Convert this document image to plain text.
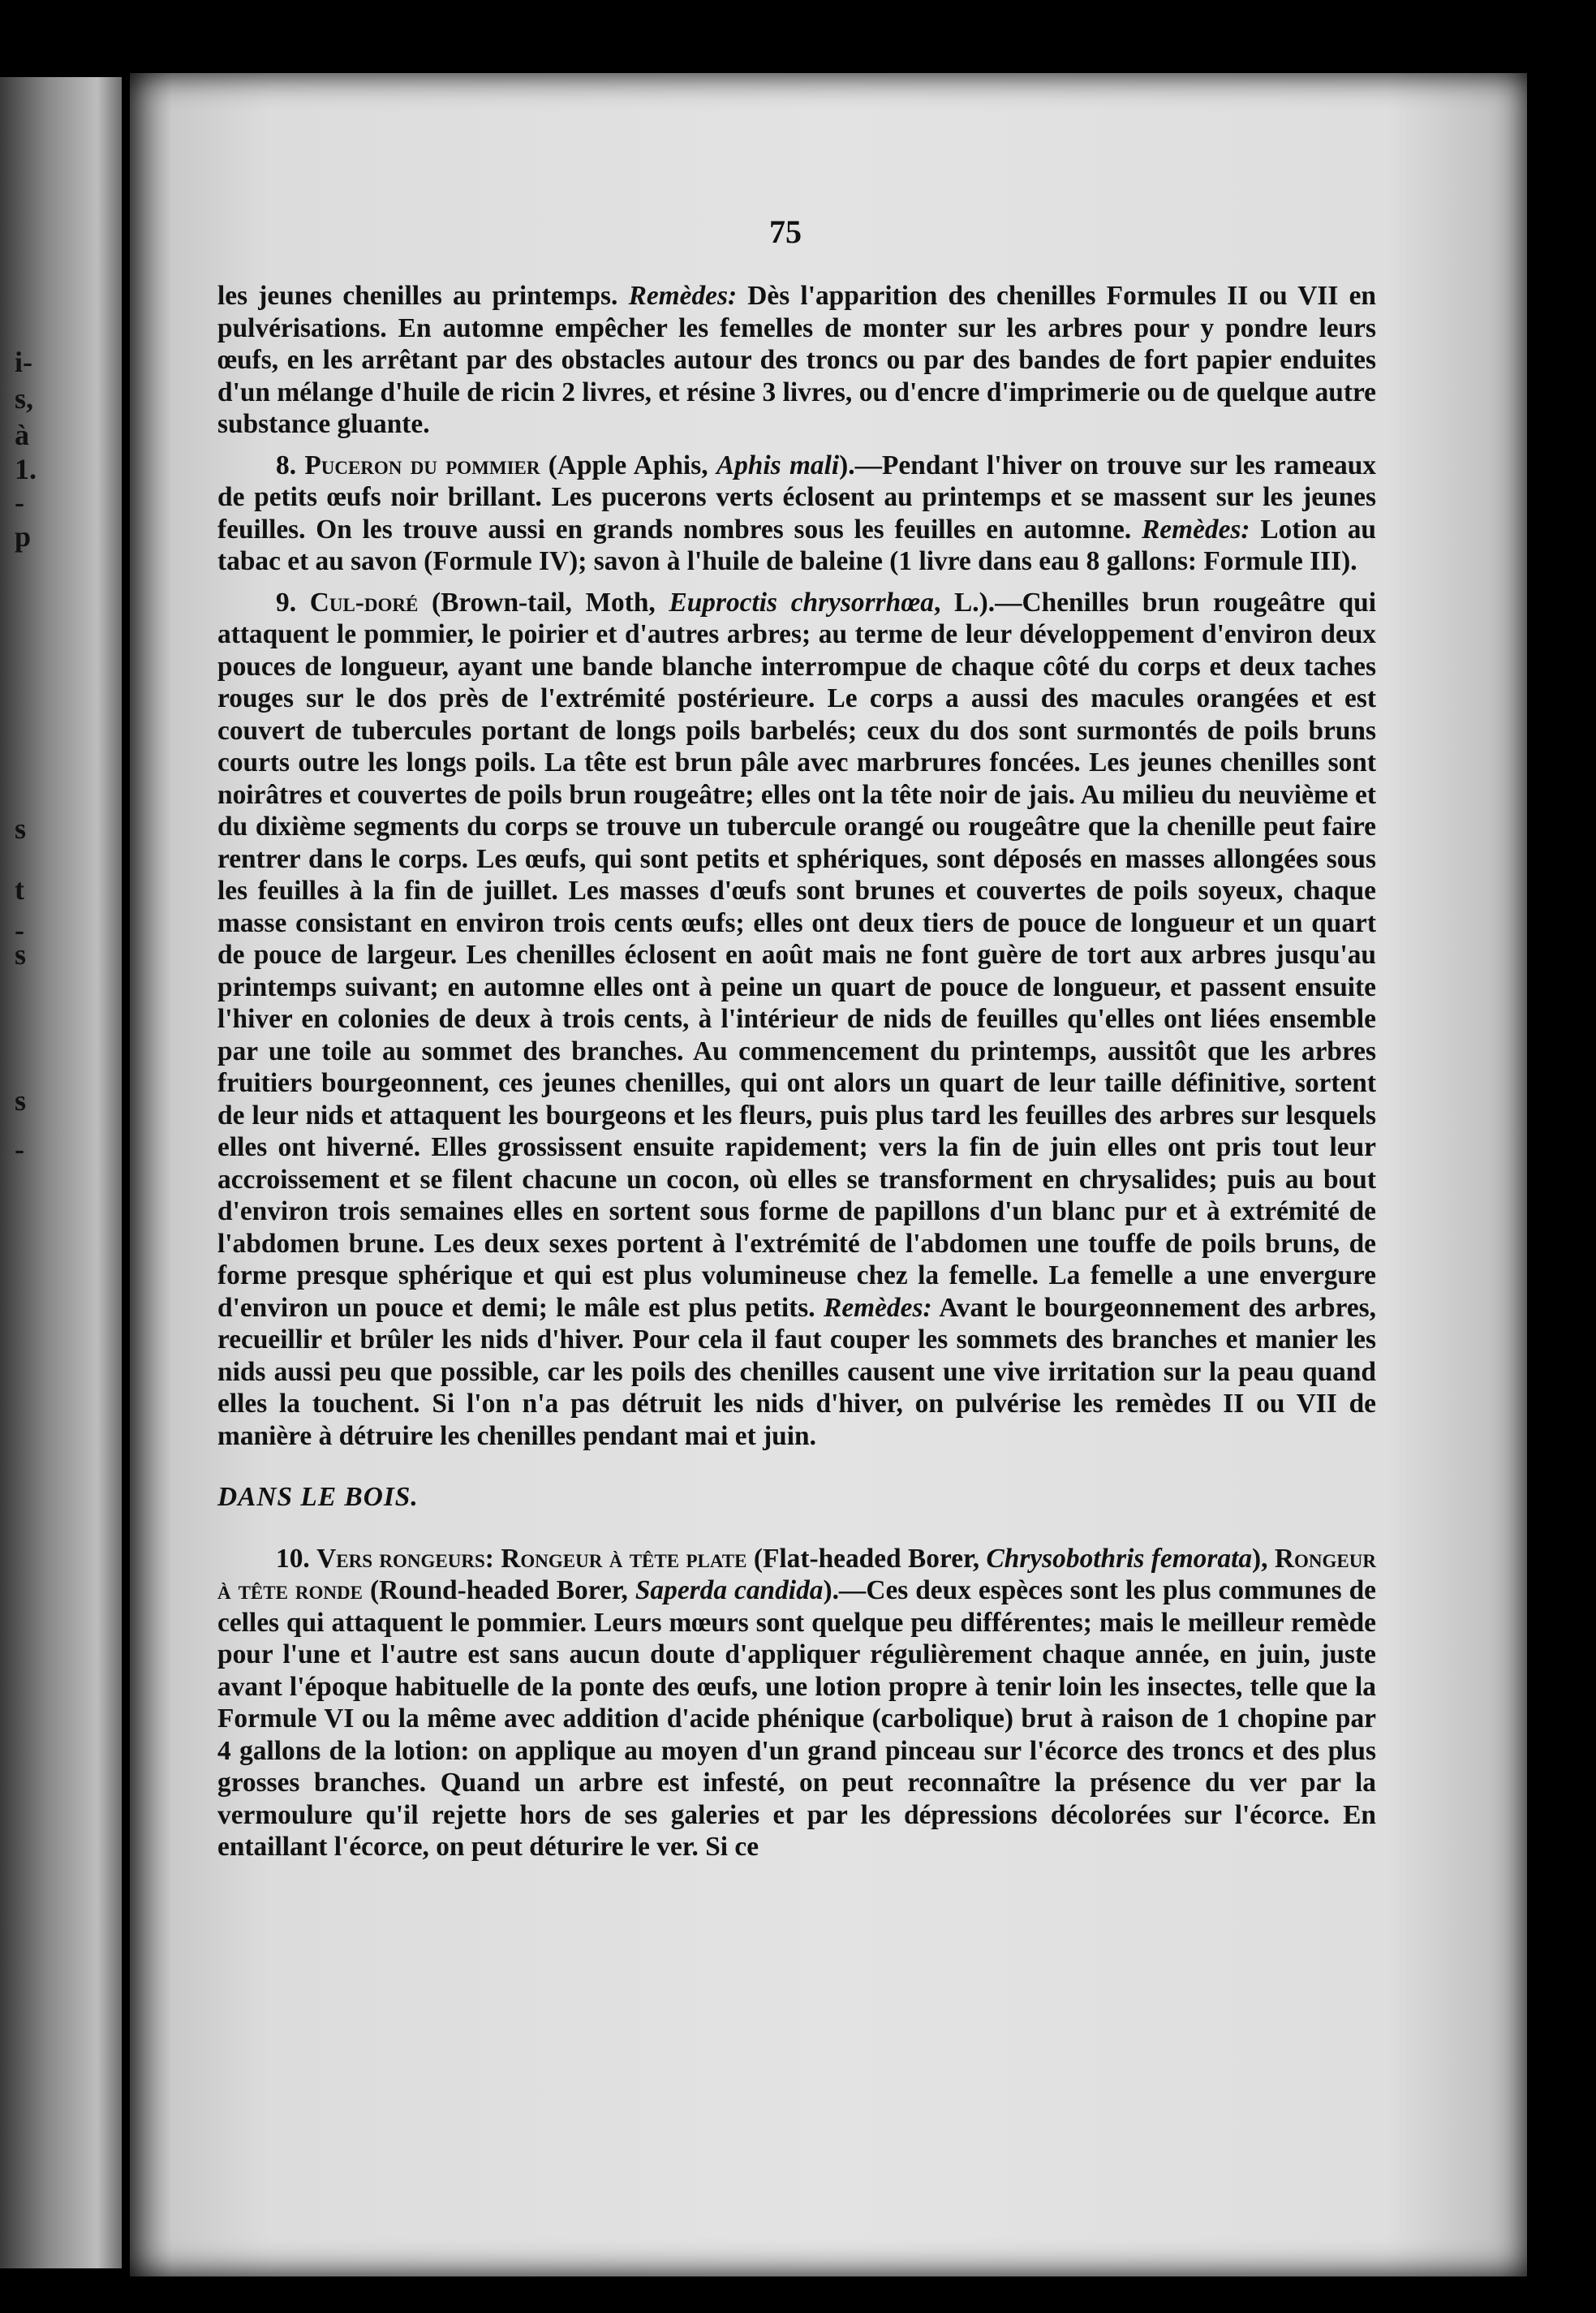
i-
s,
à
1.
-
p
s
t
-
s
s
-
75

les jeunes chenilles au printemps. Remèdes: Dès l'apparition des chenilles Formules II ou VII en pulvérisations. En automne empêcher les femelles de monter sur les arbres pour y pondre leurs œufs, en les arrêtant par des obstacles autour des troncs ou par des bandes de fort papier enduites d'un mélange d'huile de ricin 2 livres, et résine 3 livres, ou d'encre d'imprimerie ou de quelque autre substance gluante.

8. Puceron du pommier (Apple Aphis, Aphis mali).—Pendant l'hiver on trouve sur les rameaux de petits œufs noir brillant. Les pucerons verts éclosent au printemps et se massent sur les jeunes feuilles. On les trouve aussi en grands nombres sous les feuilles en automne. Remèdes: Lotion au tabac et au savon (Formule IV); savon à l'huile de baleine (1 livre dans eau 8 gallons: Formule III).

9. Cul-doré (Brown-tail, Moth, Euproctis chrysorrhœa, L.).—Chenilles brun rougeâtre qui attaquent le pommier, le poirier et d'autres arbres; au terme de leur développement d'environ deux pouces de longueur, ayant une bande blanche interrompue de chaque côté du corps et deux taches rouges sur le dos près de l'extrémité postérieure. Le corps a aussi des macules orangées et est couvert de tubercules portant de longs poils barbelés; ceux du dos sont surmontés de poils bruns courts outre les longs poils. La tête est brun pâle avec marbrures foncées. Les jeunes chenilles sont noirâtres et couvertes de poils brun rougeâtre; elles ont la tête noir de jais. Au milieu du neuvième et du dixième segments du corps se trouve un tubercule orangé ou rougeâtre que la chenille peut faire rentrer dans le corps. Les œufs, qui sont petits et sphériques, sont déposés en masses allongées sous les feuilles à la fin de juillet. Les masses d'œufs sont brunes et couvertes de poils soyeux, chaque masse consistant en environ trois cents œufs; elles ont deux tiers de pouce de longueur et un quart de pouce de largeur. Les chenilles éclosent en août mais ne font guère de tort aux arbres jusqu'au printemps suivant; en automne elles ont à peine un quart de pouce de longueur, et passent ensuite l'hiver en colonies de deux à trois cents, à l'intérieur de nids de feuilles qu'elles ont liées ensemble par une toile au sommet des branches. Au commencement du printemps, aussitôt que les arbres fruitiers bourgeonnent, ces jeunes chenilles, qui ont alors un quart de leur taille définitive, sortent de leur nids et attaquent les bourgeons et les fleurs, puis plus tard les feuilles des arbres sur lesquels elles ont hiverné. Elles grossissent ensuite rapidement; vers la fin de juin elles ont pris tout leur accroissement et se filent chacune un cocon, où elles se transforment en chrysalides; puis au bout d'environ trois semaines elles en sortent sous forme de papillons d'un blanc pur et à extrémité de l'abdomen brune. Les deux sexes portent à l'extrémité de l'abdomen une touffe de poils bruns, de forme presque sphérique et qui est plus volumineuse chez la femelle. La femelle a une envergure d'environ un pouce et demi; le mâle est plus petits. Remèdes: Avant le bourgeonnement des arbres, recueillir et brûler les nids d'hiver. Pour cela il faut couper les sommets des branches et manier les nids aussi peu que possible, car les poils des chenilles causent une vive irritation sur la peau quand elles la touchent. Si l'on n'a pas détruit les nids d'hiver, on pulvérise les remèdes II ou VII de manière à détruire les chenilles pendant mai et juin.

DANS LE BOIS.

10. Vers rongeurs: Rongeur à tête plate (Flat-headed Borer, Chrysobothris femorata), Rongeur à tête ronde (Round-headed Borer, Saperda candida).—Ces deux espèces sont les plus communes de celles qui attaquent le pommier. Leurs mœurs sont quelque peu différentes; mais le meilleur remède pour l'une et l'autre est sans aucun doute d'appliquer régulièrement chaque année, en juin, juste avant l'époque habituelle de la ponte des œufs, une lotion propre à tenir loin les insectes, telle que la Formule VI ou la même avec addition d'acide phénique (carbolique) brut à raison de 1 chopine par 4 gallons de la lotion: on applique au moyen d'un grand pinceau sur l'écorce des troncs et des plus grosses branches. Quand un arbre est infesté, on peut reconnaître la présence du ver par la vermoulure qu'il rejette hors de ses galeries et par les dépressions décolorées sur l'écorce. En entaillant l'écorce, on peut déturire le ver. Si ce
